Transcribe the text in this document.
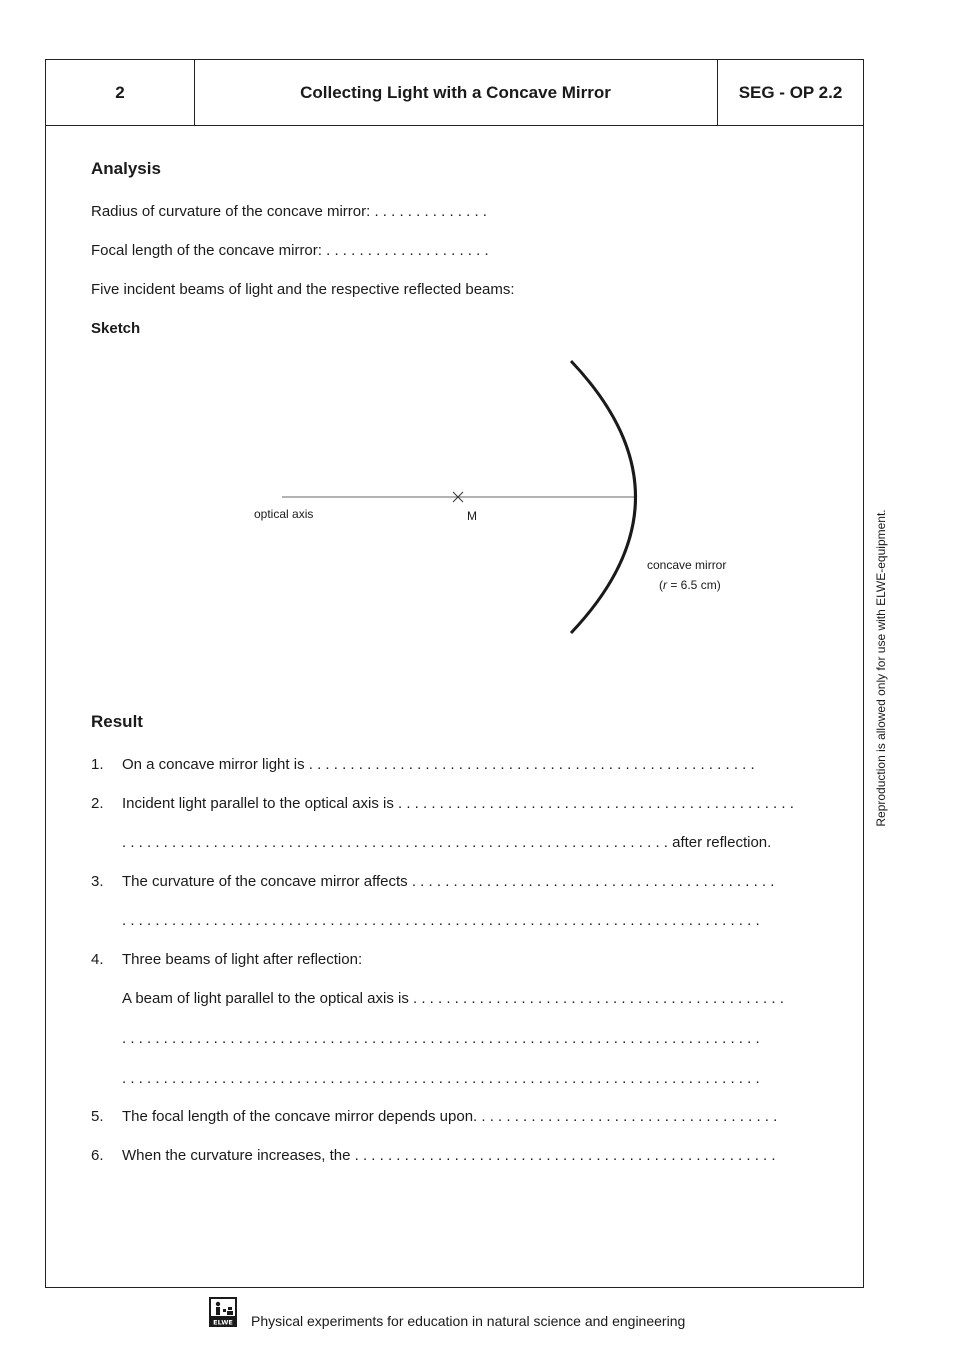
2	Collecting Light with a Concave Mirror	SEG - OP 2.2
Analysis
Radius of curvature of the concave mirror: . . . . . . . . . . . . . .
Focal length of the concave mirror: . . . . . . . . . . . . . . . . . . . .
Five incident beams of light and the respective reflected beams:
Sketch
optical axis	M
concave mirror
(r = 6.5 cm)
Result
1. On a concave mirror light is . . . . . . . . . . . . . . . . . . . . . . . . . . . . . . . . . . . . . . . . . . . . . . . . . . . . . .
2. Incident light parallel to the optical axis is . . . . . . . . . . . . . . . . . . . . . . . . . . . . . . . . . . . . . . . . . . . . . . . .
. . . . . . . . . . . . . . . . . . . . . . . . . . . . . . . . . . . . . . . . . . . . . . . . . . . . . . . . . . . . . . . . . . after reflection.
3. The curvature of the concave mirror affects . . . . . . . . . . . . . . . . . . . . . . . . . . . . . . . . . . . . . . . . . . . .
. . . . . . . . . . . . . . . . . . . . . . . . . . . . . . . . . . . . . . . . . . . . . . . . . . . . . . . . . . . . . . . . . . . . . . . . . . . . .
4. Three beams of light after reflection:
A beam of light parallel to the optical axis is . . . . . . . . . . . . . . . . . . . . . . . . . . . . . . . . . . . . . . . . . . . . .
. . . . . . . . . . . . . . . . . . . . . . . . . . . . . . . . . . . . . . . . . . . . . . . . . . . . . . . . . . . . . . . . . . . . . . . . . . . . .
. . . . . . . . . . . . . . . . . . . . . . . . . . . . . . . . . . . . . . . . . . . . . . . . . . . . . . . . . . . . . . . . . . . . . . . . . . . . .
5. The focal length of the concave mirror depends upon. . . . . . . . . . . . . . . . . . . . . . . . . . . . . . . . . . . . .
6. When the curvature increases, the . . . . . . . . . . . . . . . . . . . . . . . . . . . . . . . . . . . . . . . . . . . . . . . . . . .
Reproduction is allowed only for use with ELWE-equipment.
ELWE Physical experiments for education in natural science and engineering
